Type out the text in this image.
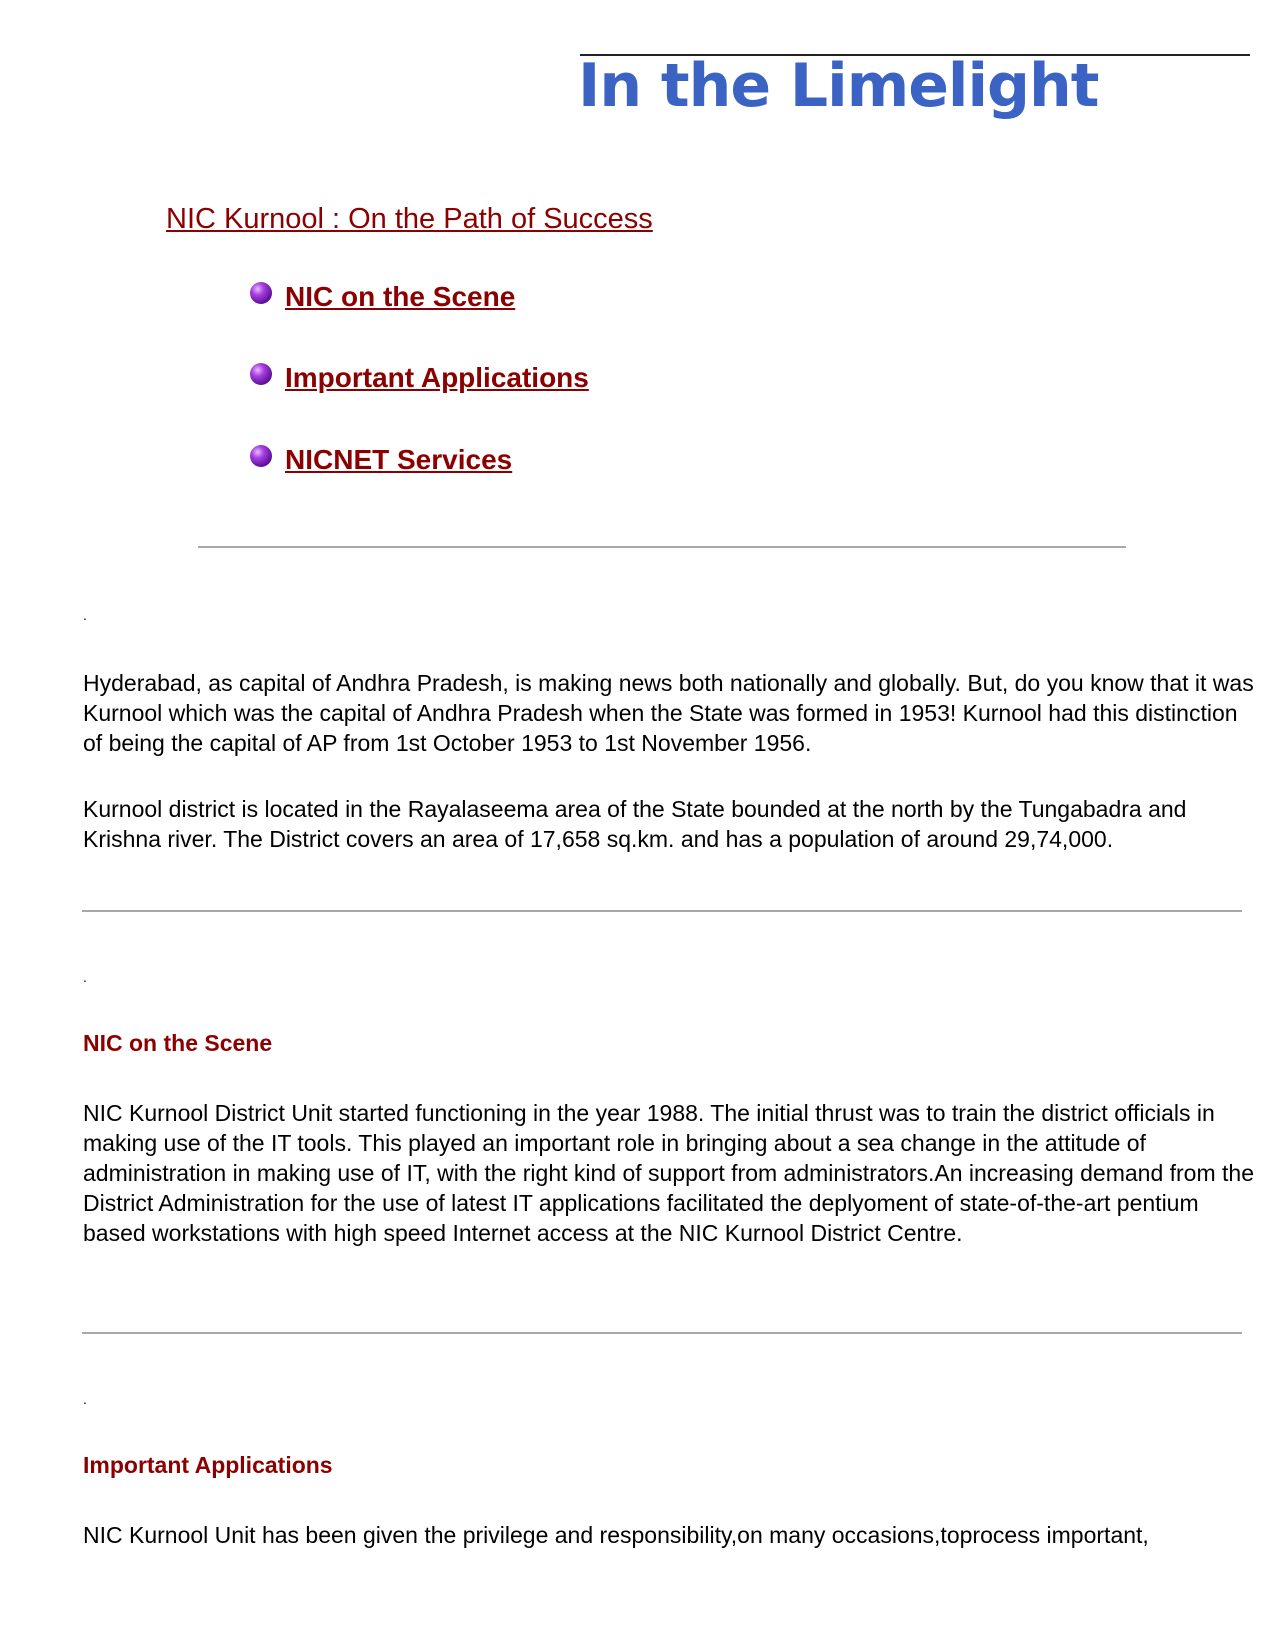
In the Limelight
NIC Kurnool : On the Path of Success
NIC on the Scene
Important Applications
NICNET Services
.

Hyderabad, as capital of Andhra Pradesh, is making news both nationally and globally. But, do you know that it was Kurnool which was the capital of Andhra Pradesh when the State was formed in 1953! Kurnool had this distinction of being the capital of AP from 1st October 1953 to 1st November 1956.

Kurnool district is located in the Rayalaseema area of the State bounded at the north by the Tungabadra and Krishna river. The District covers an area of 17,658 sq.km. and has a population of around 29,74,000.

.
NIC on the Scene

NIC Kurnool District Unit started functioning in the year 1988. The initial thrust was to train the district officials in making use of the IT tools. This played an important role in bringing about a sea change in the attitude of administration in making use of IT, with the right kind of support from administrators.An increasing demand from the District Administration for the use of latest IT applications facilitated the deplyoment of state-of-the-art pentium based workstations with high speed Internet access at the NIC Kurnool District Centre.

.
Important Applications

NIC Kurnool Unit has been given the privilege and responsibility,on many occasions,toprocess important,
